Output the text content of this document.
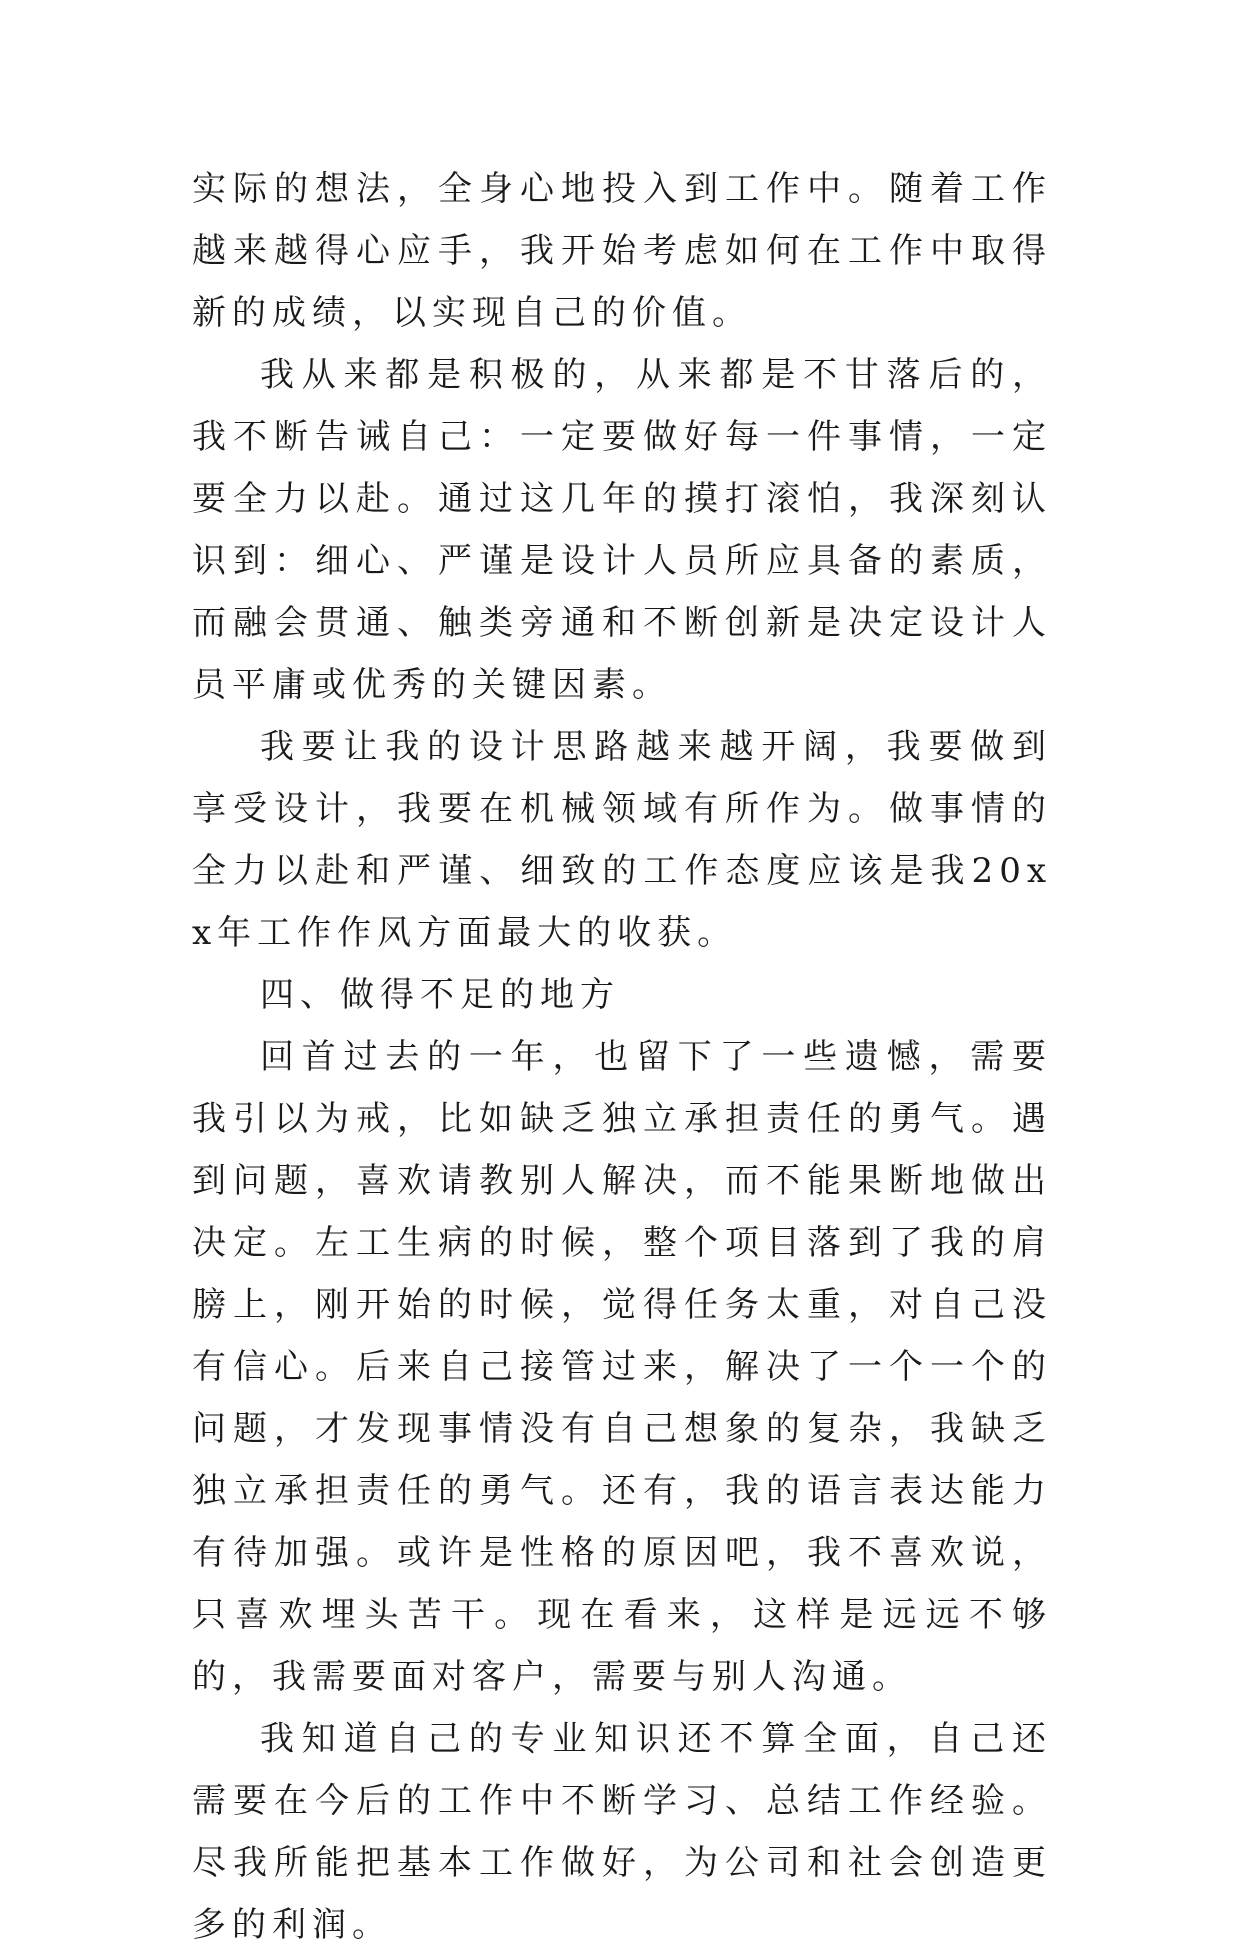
实际的想法，全身心地投入到工作中。随着工作越来越得心应手，我开始考虑如何在工作中取得新的成绩，以实现自己的价值。

我从来都是积极的，从来都是不甘落后的，我不断告诫自己：一定要做好每一件事情，一定要全力以赴。通过这几年的摸打滚怕，我深刻认识到：细心、严谨是设计人员所应具备的素质，而融会贯通、触类旁通和不断创新是决定设计人员平庸或优秀的关键因素。

我要让我的设计思路越来越开阔，我要做到享受设计，我要在机械领域有所作为。做事情的全力以赴和严谨、细致的工作态度应该是我20xx年工作作风方面最大的收获。

四、做得不足的地方

回首过去的一年，也留下了一些遗憾，需要我引以为戒，比如缺乏独立承担责任的勇气。遇到问题，喜欢请教别人解决，而不能果断地做出决定。左工生病的时候，整个项目落到了我的肩膀上，刚开始的时候，觉得任务太重，对自己没有信心。后来自己接管过来，解决了一个一个的问题，才发现事情没有自己想象的复杂，我缺乏独立承担责任的勇气。还有，我的语言表达能力有待加强。或许是性格的原因吧，我不喜欢说，只喜欢埋头苦干。现在看来，这样是远远不够的，我需要面对客户，需要与别人沟通。

我知道自己的专业知识还不算全面，自己还需要在今后的工作中不断学习、总结工作经验。尽我所能把基本工作做好，为公司和社会创造更多的利润。
